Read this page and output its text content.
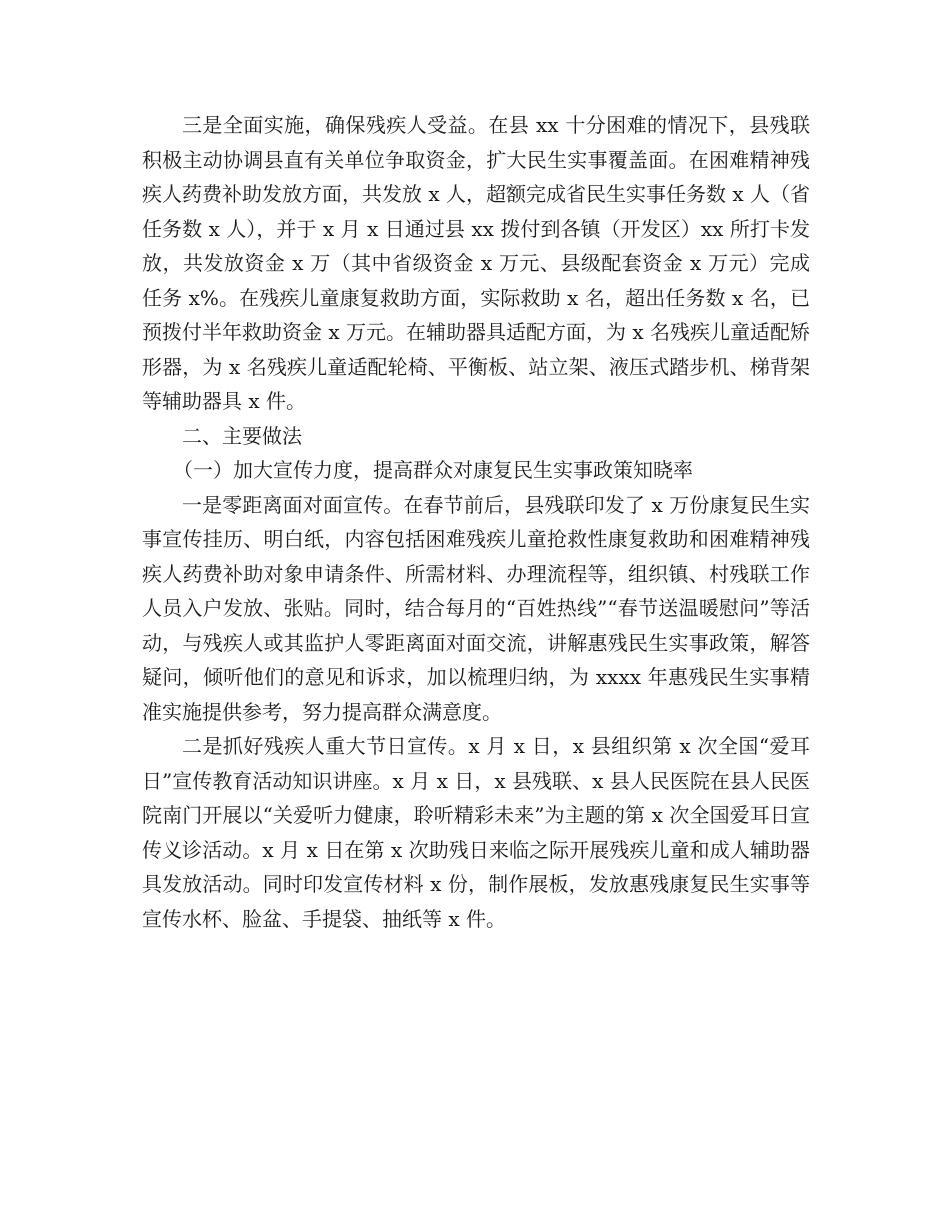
三是全面实施，确保残疾人受益。在县 xx 十分困难的情况下，县残联积极主动协调县直有关单位争取资金，扩大民生实事覆盖面。在困难精神残疾人药费补助发放方面，共发放 x 人，超额完成省民生实事任务数 x 人（省任务数 x 人），并于 x 月 x 日通过县 xx 拨付到各镇（开发区）xx 所打卡发放，共发放资金 x 万（其中省级资金 x 万元、县级配套资金 x 万元）完成任务 x%。在残疾儿童康复救助方面，实际救助 x 名，超出任务数 x 名，已预拨付半年救助资金 x 万元。在辅助器具适配方面，为 x 名残疾儿童适配矫形器，为 x 名残疾儿童适配轮椅、平衡板、站立架、液压式踏步机、梯背架等辅助器具 x 件。

二、主要做法

（一）加大宣传力度，提高群众对康复民生实事政策知晓率

一是零距离面对面宣传。在春节前后，县残联印发了 x 万份康复民生实事宣传挂历、明白纸，内容包括困难残疾儿童抢救性康复救助和困难精神残疾人药费补助对象申请条件、所需材料、办理流程等，组织镇、村残联工作人员入户发放、张贴。同时，结合每月的“百姓热线”“春节送温暖慰问”等活动，与残疾人或其监护人零距离面对面交流，讲解惠残民生实事政策，解答疑问，倾听他们的意见和诉求，加以梳理归纳，为 xxxx 年惠残民生实事精准实施提供参考，努力提高群众满意度。

二是抓好残疾人重大节日宣传。x 月 x 日，x 县组织第 x 次全国“爱耳日”宣传教育活动知识讲座。x 月 x 日，x 县残联、x 县人民医院在县人民医院南门开展以“关爱听力健康，聆听精彩未来”为主题的第 x 次全国爱耳日宣传义诊活动。x 月 x 日在第 x 次助残日来临之际开展残疾儿童和成人辅助器具发放活动。同时印发宣传材料 x 份，制作展板，发放惠残康复民生实事等宣传水杯、脸盆、手提袋、抽纸等 x 件。
